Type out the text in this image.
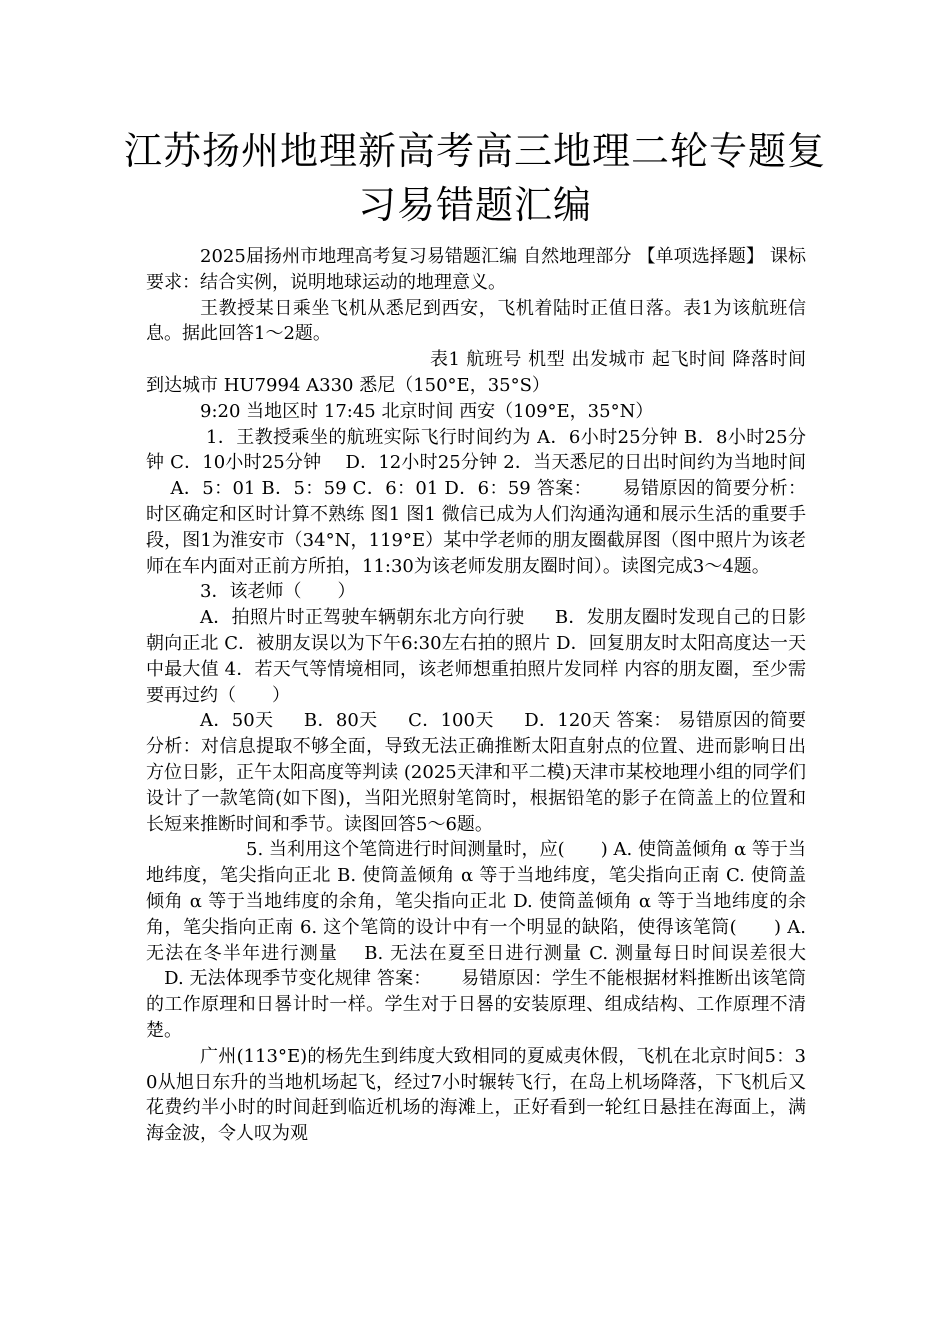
江苏扬州地理新高考高三地理二轮专题复
习易错题汇编

2025届扬州市地理高考复习易错题汇编 自然地理部分 【单项选择题】 课标要求：结合实例，说明地球运动的地理意义。

王教授某日乘坐飞机从悉尼到西安，飞机着陆时正值日落。表1为该航班信息。据此回答1～2题。

表1 航班号 机型 出发城市 起飞时间 降落时间 到达城市 HU7994 A330 悉尼（150°E，35°S）

9:20 当地区时 17:45 北京时间 西安（109°E，35°N）

1．王教授乘坐的航班实际飞行时间约为 A．6小时25分钟 B．8小时25分钟 C．10小时25分钟 　D．12小时25分钟 2．当天悉尼的日出时间约为当地时间 　 A．5：01 B．5：59 C．6：01 D．6：59 答案： 　 易错原因的简要分析：时区确定和区时计算不熟练 图1 图1 微信已成为人们沟通沟通和展示生活的重要手段，图1为淮安市（34°N，119°E）某中学老师的朋友圈截屏图（图中照片为该老师在车内面对正前方所拍，11:30为该老师发朋友圈时间）。读图完成3～4题。

3．该老师（　　）

A．拍照片时正驾驶车辆朝东北方向行驶 　 B．发朋友圈时发现自己的日影朝向正北 C．被朋友误以为下午6:30左右拍的照片 D．回复朋友时太阳高度达一天中最大值 4．若天气等情境相同，该老师想重拍照片发同样 内容的朋友圈，至少需要再过约（　　）

A．50天 　 B．80天 　 C．100天 　 D．120天 答案： 易错原因的简要分析：对信息提取不够全面，导致无法正确推断太阳直射点的位置、进而影响日出方位日影，正午太阳高度等判读 (2025天津和平二模)天津市某校地理小组的同学们设计了一款笔筒(如下图)，当阳光照射笔筒时，根据铅笔的影子在筒盖上的位置和长短来推断时间和季节。读图回答5～6题。

5. 当利用这个笔筒进行时间测量时，应(　　) A. 使筒盖倾角 α 等于当地纬度，笔尖指向正北 B. 使筒盖倾角 α 等于当地纬度，笔尖指向正南 C. 使筒盖倾角 α 等于当地纬度的余角，笔尖指向正北 D. 使筒盖倾角 α 等于当地纬度的余角，笔尖指向正南 6. 这个笔筒的设计中有一个明显的缺陷，使得该笔筒(　　) A. 无法在冬半年进行测量 　B. 无法在夏至日进行测量 C. 测量每日时间误差很大 　D. 无法体现季节变化规律 答案： 　 易错原因：学生不能根据材料推断出该笔筒的工作原理和日晷计时一样。学生对于日晷的安装原理、组成结构、工作原理不清楚。

广州(113°E)的杨先生到纬度大致相同的夏威夷休假，飞机在北京时间5：30从旭日东升的当地机场起飞，经过7小时辗转飞行，在岛上机场降落，下飞机后又花费约半小时的时间赶到临近机场的海滩上，正好看到一轮红日悬挂在海面上，满海金波，令人叹为观
